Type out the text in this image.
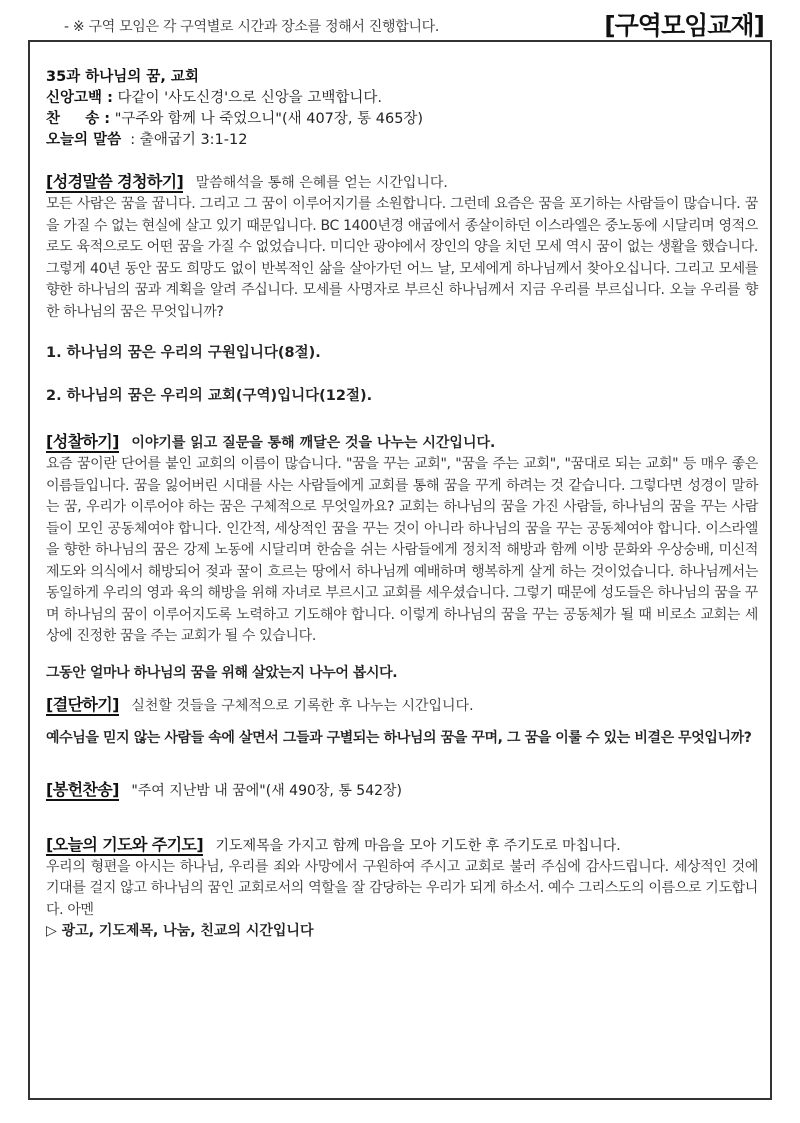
- ※ 구역 모임은 각 구역별로 시간과 장소를 정해서 진행합니다.	[구역모임교재]
35과 하나님의 꿈, 교회
신앙고백 : 다같이 '사도신경'으로 신앙을 고백합니다.
찬     송 : "구주와 함께 나 죽었으니"(새 407장, 통 465장)
오늘의 말씀  : 출애굽기 3:1-12
[성경말씀 경청하기] 말씀해석을 통해 은혜를 얻는 시간입니다.
모든 사람은 꿈을 꿉니다. 그리고 그 꿈이 이루어지기를 소원합니다. 그런데 요즘은 꿈을 포기하는 사람들이 많습니다. 꿈을 가질 수 없는 현실에 살고 있기 때문입니다. BC 1400년경 애굽에서 종살이하던 이스라엘은 중노동에 시달리며 영적으로도 육적으로도 어떤 꿈을 가질 수 없었습니다. 미디안 광야에서 장인의 양을 치던 모세 역시 꿈이 없는 생활을 했습니다. 그렇게 40년 동안 꿈도 희망도 없이 반복적인 삶을 살아가던 어느 날, 모세에게 하나님께서 찾아오십니다. 그리고 모세를 향한 하나님의 꿈과 계획을 알려 주십니다. 모세를 사명자로 부르신 하나님께서 지금 우리를 부르십니다. 오늘 우리를 향한 하나님의 꿈은 무엇입니까?
1. 하나님의 꿈은 우리의 구원입니다(8절).
2. 하나님의 꿈은 우리의 교회(구역)입니다(12절).
[성찰하기] 이야기를 읽고 질문을 통해 깨달은 것을 나누는 시간입니다.
요즘 꿈이란 단어를 붙인 교회의 이름이 많습니다. "꿈을 꾸는 교회", "꿈을 주는 교회", "꿈대로 되는 교회" 등 매우 좋은 이름들입니다. 꿈을 잃어버린 시대를 사는 사람들에게 교회를 통해 꿈을 꾸게 하려는 것 같습니다. 그렇다면 성경이 말하는 꿈, 우리가 이루어야 하는 꿈은 구체적으로 무엇일까요? 교회는 하나님의 꿈을 가진 사람들, 하나님의 꿈을 꾸는 사람들이 모인 공동체여야 합니다. 인간적, 세상적인 꿈을 꾸는 것이 아니라 하나님의 꿈을 꾸는 공동체여야 합니다. 이스라엘을 향한 하나님의 꿈은 강제 노동에 시달리며 한숨을 쉬는 사람들에게 정치적 해방과 함께 이방 문화와 우상숭배, 미신적 제도와 의식에서 해방되어 젖과 꿀이 흐르는 땅에서 하나님께 예배하며 행복하게 살게 하는 것이었습니다. 하나님께서는 동일하게 우리의 영과 육의 해방을 위해 자녀로 부르시고 교회를 세우셨습니다. 그렇기 때문에 성도들은 하나님의 꿈을 꾸며 하나님의 꿈이 이루어지도록 노력하고 기도해야 합니다. 이렇게 하나님의 꿈을 꾸는 공동체가 될 때 비로소 교회는 세상에 진정한 꿈을 주는 교회가 될 수 있습니다.
그동안 얼마나 하나님의 꿈을 위해 살았는지 나누어 봅시다.
[결단하기] 실천할 것들을 구체적으로 기록한 후 나누는 시간입니다.
예수님을 믿지 않는 사람들 속에 살면서 그들과 구별되는 하나님의 꿈을 꾸며, 그 꿈을 이룰 수 있는 비결은 무엇입니까?
[봉헌찬송] "주여 지난밤 내 꿈에"(새 490장, 통 542장)
[오늘의 기도와 주기도] 기도제목을 가지고 함께 마음을 모아 기도한 후 주기도로 마칩니다.
우리의 형편을 아시는 하나님, 우리를 죄와 사망에서 구원하여 주시고 교회로 불러 주심에 감사드립니다. 세상적인 것에 기대를 걸지 않고 하나님의 꿈인 교회로서의 역할을 잘 감당하는 우리가 되게 하소서. 예수 그리스도의 이름으로 기도합니다. 아멘
▷ 광고, 기도제목, 나눔, 친교의 시간입니다
